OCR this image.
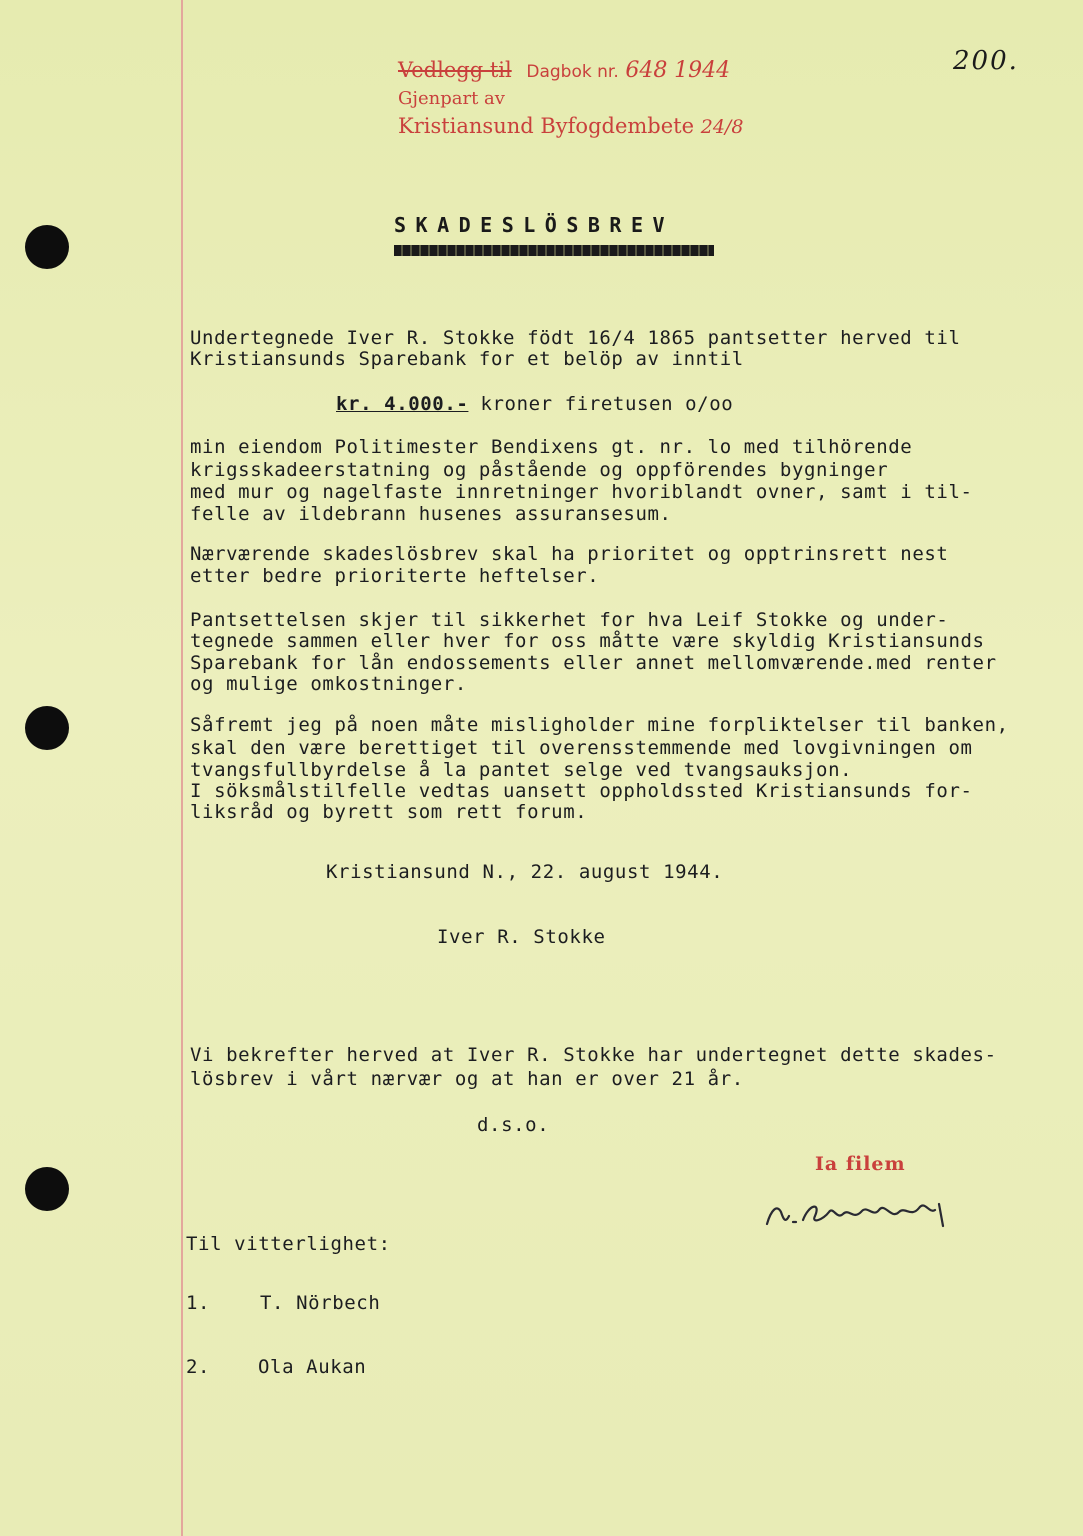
Vedlegg til Dagbok nr. 648 1944
Gjenpart av
Kristiansund Byfogdembete 24/8
200.
SKADESLÖSBREV
Undertegnede Iver R. Stokke födt 16/4 1865 pantsetter herved til
Kristiansunds Sparebank for et belöp av inntil
kr. 4.000.- kroner firetusen o/oo
min eiendom Politimester Bendixens gt. nr. lo med tilhörende
krigsskadeerstatning og påstående og oppförendes bygninger
med mur og nagelfaste innretninger hvoriblandt ovner, samt i til-
felle av ildebrann husenes assuransesum.
Nærværende skadeslösbrev skal ha prioritet og opptrinsrett nest
etter bedre prioriterte heftelser.
Pantsettelsen skjer til sikkerhet for hva Leif Stokke og under-
tegnede sammen eller hver for oss måtte være skyldig Kristiansunds
Sparebank for lån endossements eller annet mellomværende.med renter
og mulige omkostninger.
Såfremt jeg på noen måte misligholder mine forpliktelser til banken,
skal den være berettiget til overensstemmende med lovgivningen om
tvangsfullbyrdelse å la pantet selge ved tvangsauksjon.
I söksmålstilfelle vedtas uansett oppholdssted Kristiansunds for-
liksråd og byrett som rett forum.
Kristiansund N., 22. august 1944.
Iver R. Stokke
Vi bekrefter herved at Iver R. Stokke har undertegnet dette skades-
lösbrev i vårt nærvær og at han er over 21 år.
d.s.o.
Ia filem
Til vitterlighet:
1.	T. Nörbech
2.	Ola Aukan
